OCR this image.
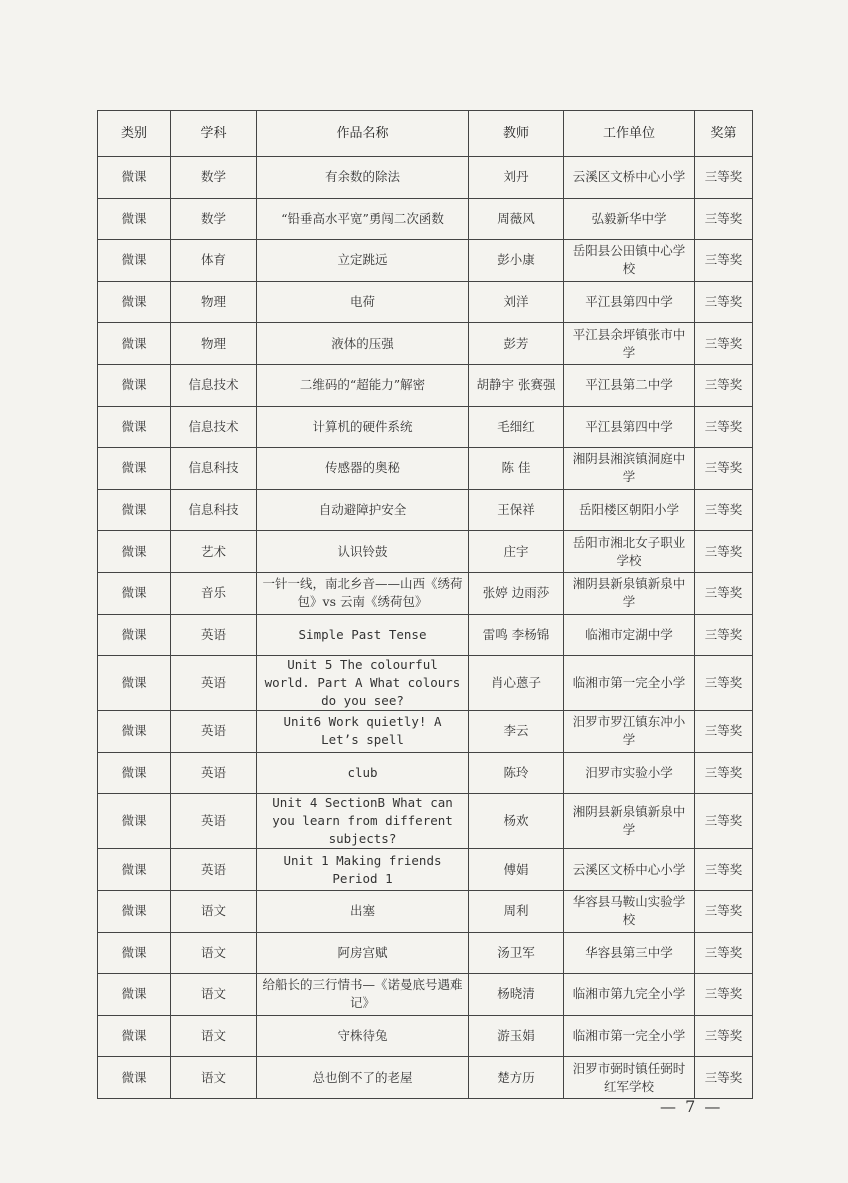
类别	学科	作品名称	教师	工作单位	奖第
微课	数学	有余数的除法	刘丹	云溪区文桥中心小学	三等奖
微课	数学	“铅垂高水平宽”勇闯二次函数	周薇风	弘毅新华中学	三等奖
微课	体育	立定跳远	彭小康	岳阳县公田镇中心学校	三等奖
微课	物理	电荷	刘洋	平江县第四中学	三等奖
微课	物理	液体的压强	彭芳	平江县余坪镇张市中学	三等奖
微课	信息技术	二维码的“超能力”解密	胡静宇 张赛强	平江县第二中学	三等奖
微课	信息技术	计算机的硬件系统	毛细红	平江县第四中学	三等奖
微课	信息科技	传感器的奥秘	陈 佳	湘阴县湘滨镇洞庭中学	三等奖
微课	信息科技	自动避障护安全	王保祥	岳阳楼区朝阳小学	三等奖
微课	艺术	认识铃鼓	庄宇	岳阳市湘北女子职业学校	三等奖
微课	音乐	一针一线，南北乡音——山西《绣荷包》vs 云南《绣荷包》	张婷 边雨莎	湘阴县新泉镇新泉中学	三等奖
微课	英语	Simple Past Tense	雷鸣 李杨锦	临湘市定湖中学	三等奖
微课	英语	Unit 5 The colourful world. Part A What colours do you see?	肖心蒽子	临湘市第一完全小学	三等奖
微课	英语	Unit6 Work quietly! A Let’s spell	李云	汨罗市罗江镇东冲小学	三等奖
微课	英语	club	陈玲	汨罗市实验小学	三等奖
微课	英语	Unit 4 SectionB What can you learn from different subjects?	杨欢	湘阴县新泉镇新泉中学	三等奖
微课	英语	Unit 1 Making friends Period 1	傅娟	云溪区文桥中心小学	三等奖
微课	语文	出塞	周利	华容县马鞍山实验学校	三等奖
微课	语文	阿房宫赋	汤卫军	华容县第三中学	三等奖
微课	语文	给船长的三行情书—《诺曼底号遇难记》	杨晓清	临湘市第九完全小学	三等奖
微课	语文	守株待兔	游玉娟	临湘市第一完全小学	三等奖
微课	语文	总也倒不了的老屋	楚方历	汨罗市弼时镇任弼时红军学校	三等奖
— 7 —
